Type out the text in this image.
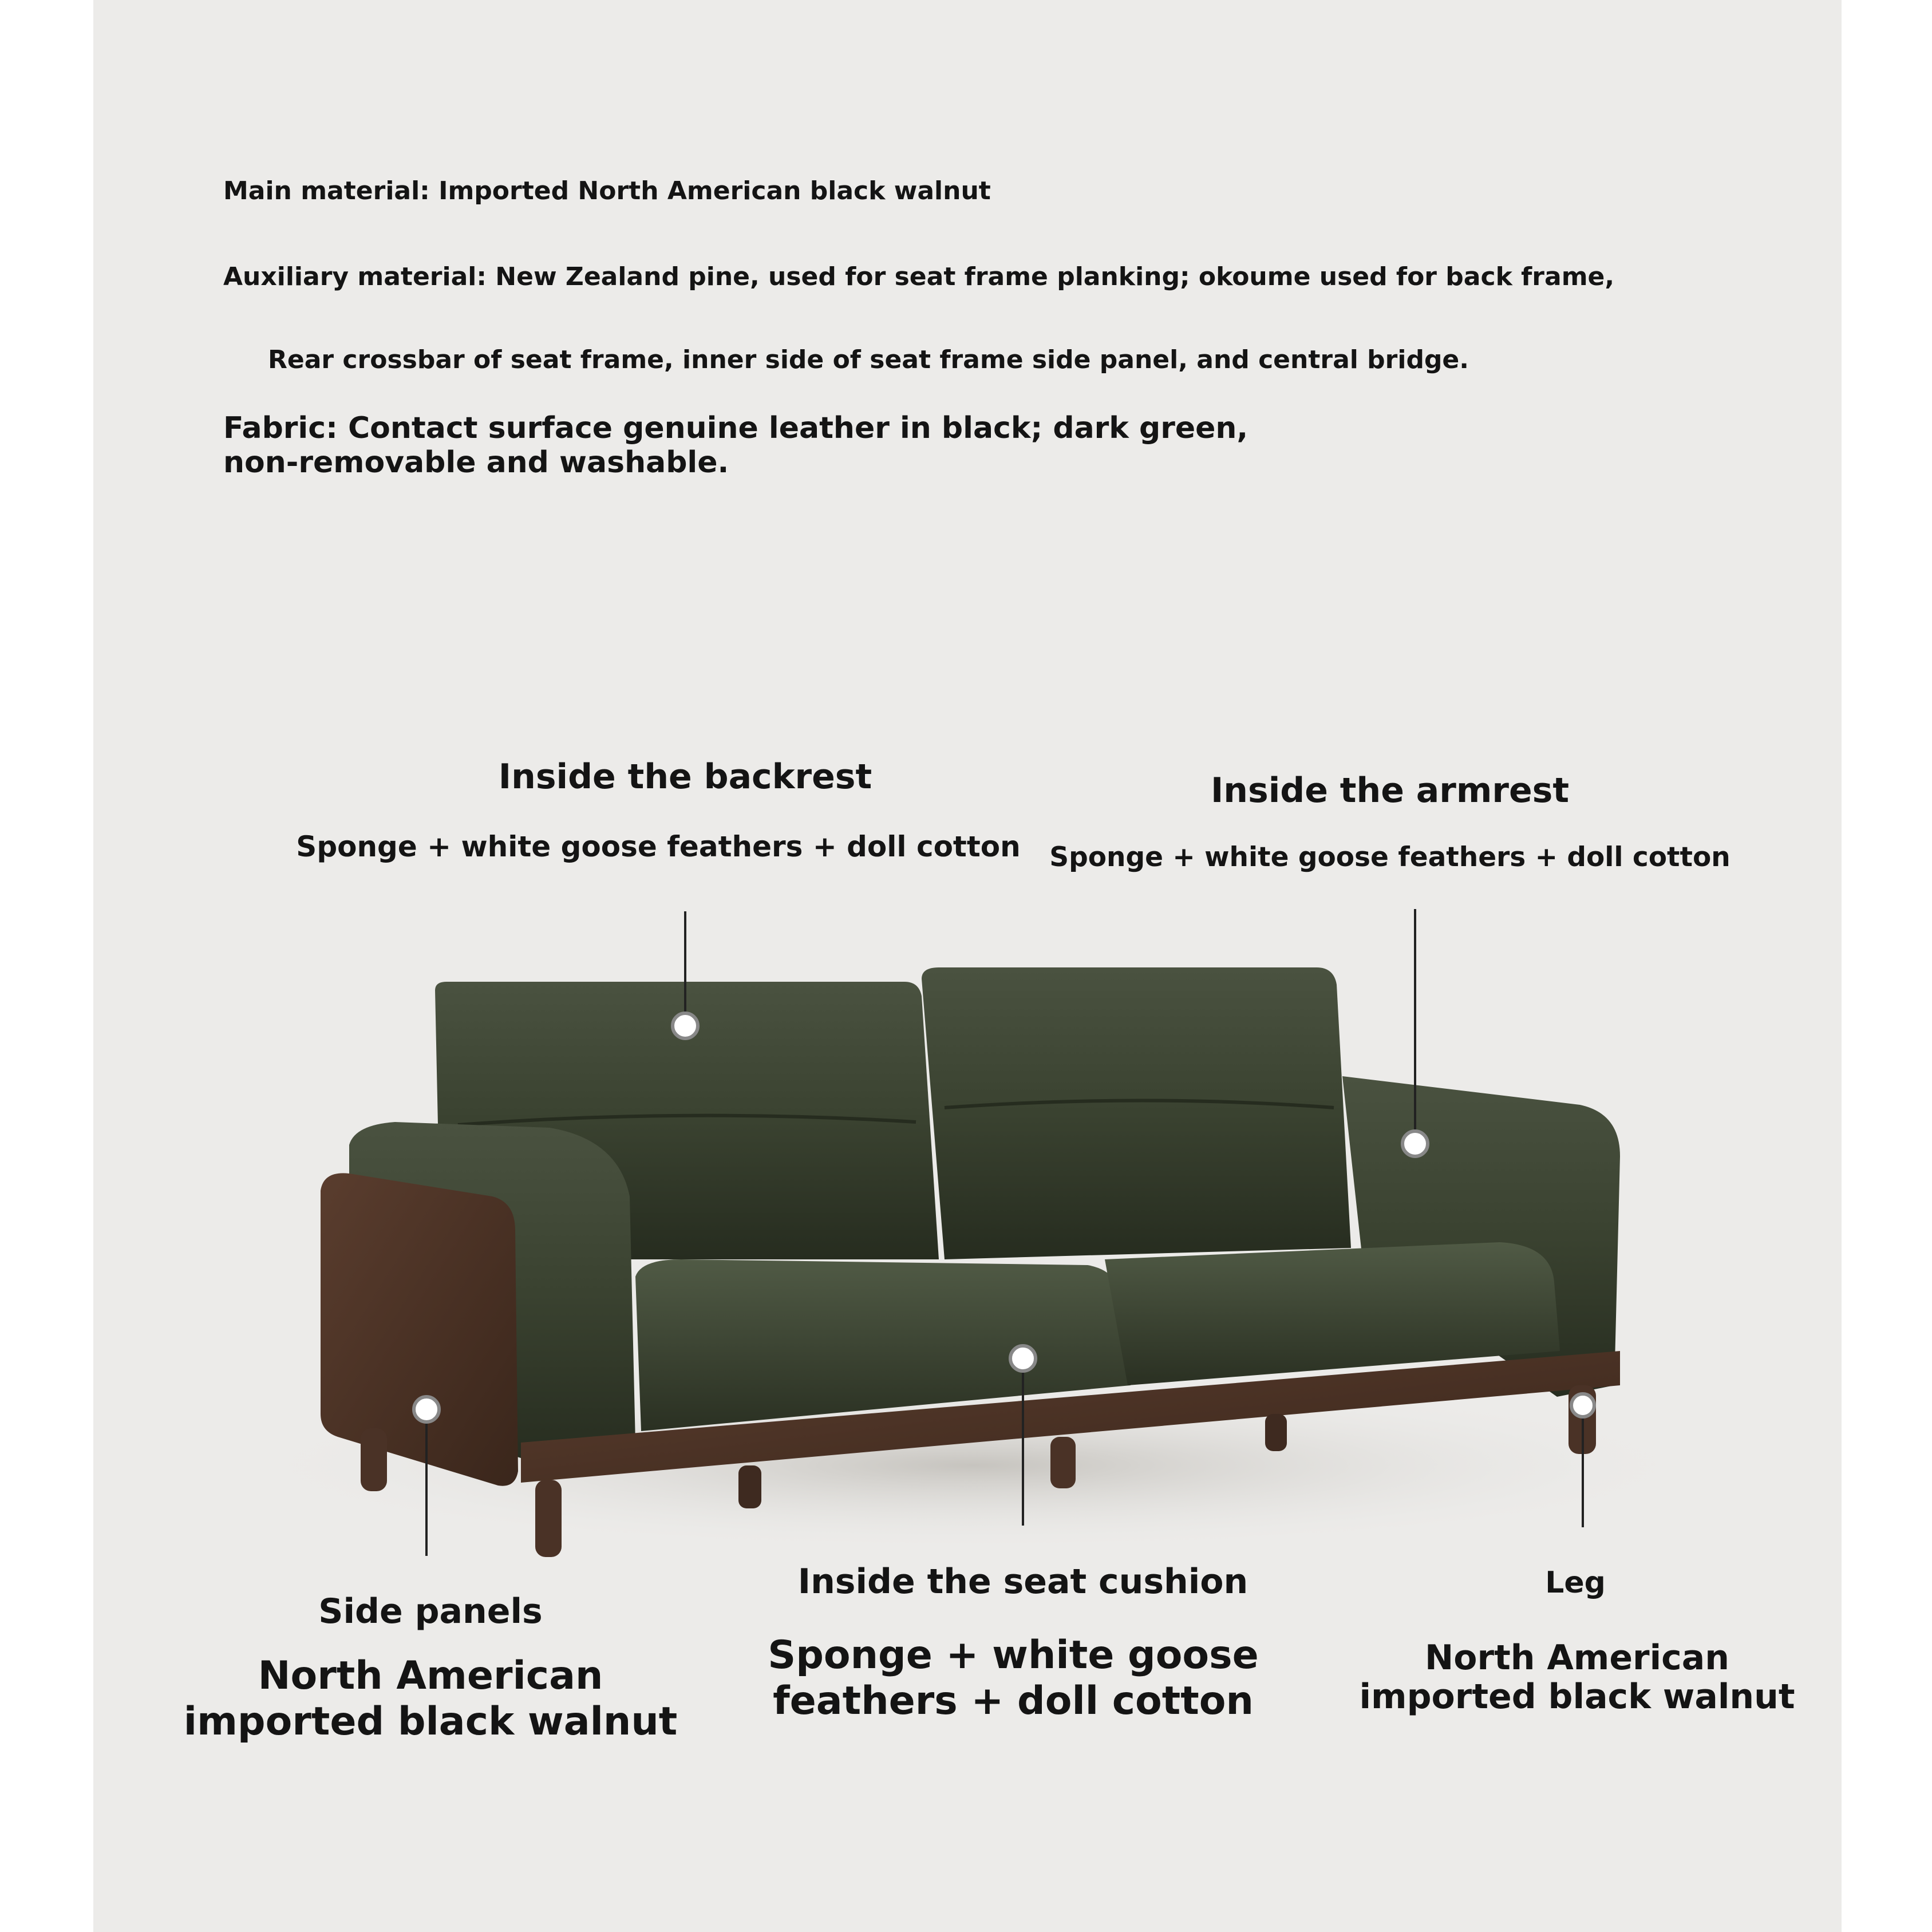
Main material: Imported North American black walnut

Auxiliary material: New Zealand pine, used for seat frame planking; okoume used for back frame,

Rear crossbar of seat frame, inner side of seat frame side panel, and central bridge.

Fabric: Contact surface genuine leather in black; dark green,

non-removable and washable.

Inside the backrest
Sponge + white goose feathers + doll cotton
Inside the armrest
Sponge + white goose feathers + doll cotton
Side panels
North American
imported black walnut
Inside the seat cushion
Sponge + white goose
feathers + doll cotton
Leg
North American
imported black walnut
